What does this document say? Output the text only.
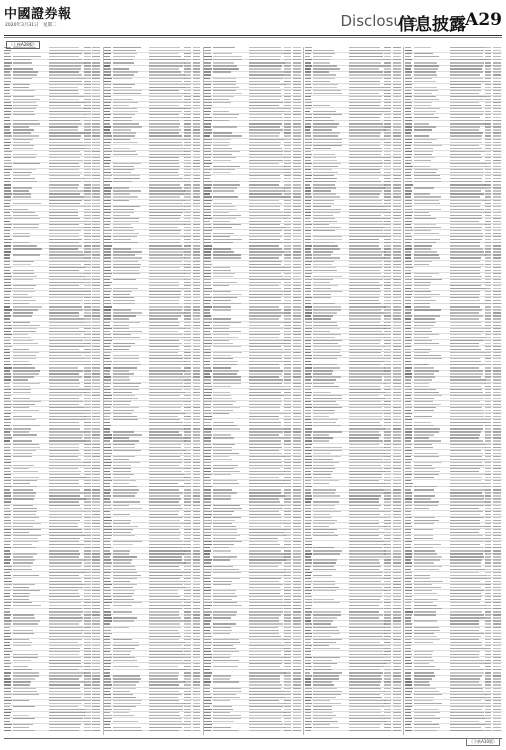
中國證券報
2020年3月31日 星期二	Disclosure
信息披露 A29
（上接A28版）
（下转A30版）
